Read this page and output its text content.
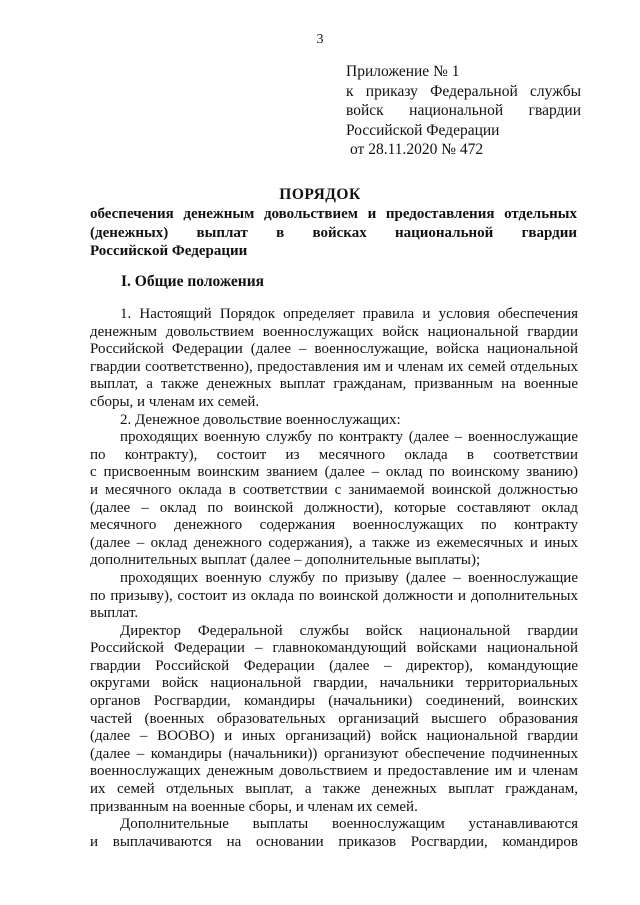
3
Приложение № 1
к приказу Федеральной службы
войск национальной гвардии
Российской Федерации
от 28.11.2020 № 472
ПОРЯДОК
обеспечения денежным довольствием и предоставления отдельных
(денежных) выплат в войсках национальной гвардии
Российской Федерации
I. Общие положения
1. Настоящий Порядок определяет правила и условия обеспечения
денежным довольствием военнослужащих войск национальной гвардии
Российской Федерации (далее – военнослужащие, войска национальной
гвардии соответственно), предоставления им и членам их семей отдельных
выплат, а также денежных выплат гражданам, призванным на военные
сборы, и членам их семей.
2. Денежное довольствие военнослужащих:
проходящих военную службу по контракту (далее – военнослужащие
по контракту), состоит из месячного оклада в соответствии
с присвоенным воинским званием (далее – оклад по воинскому званию)
и месячного оклада в соответствии с занимаемой воинской должностью
(далее – оклад по воинской должности), которые составляют оклад
месячного денежного содержания военнослужащих по контракту
(далее – оклад денежного содержания), а также из ежемесячных и иных
дополнительных выплат (далее – дополнительные выплаты);
проходящих военную службу по призыву (далее – военнослужащие
по призыву), состоит из оклада по воинской должности и дополнительных
выплат.
Директор Федеральной службы войск национальной гвардии
Российской Федерации – главнокомандующий войсками национальной
гвардии Российской Федерации (далее – директор), командующие
округами войск национальной гвардии, начальники территориальных
органов Росгвардии, командиры (начальники) соединений, воинских
частей (военных образовательных организаций высшего образования
(далее – ВООВО) и иных организаций) войск национальной гвардии
(далее – командиры (начальники)) организуют обеспечение подчиненных
военнослужащих денежным довольствием и предоставление им и членам
их семей отдельных выплат, а также денежных выплат гражданам,
призванным на военные сборы, и членам их семей.
Дополнительные выплаты военнослужащим устанавливаются
и выплачиваются на основании приказов Росгвардии, командиров
